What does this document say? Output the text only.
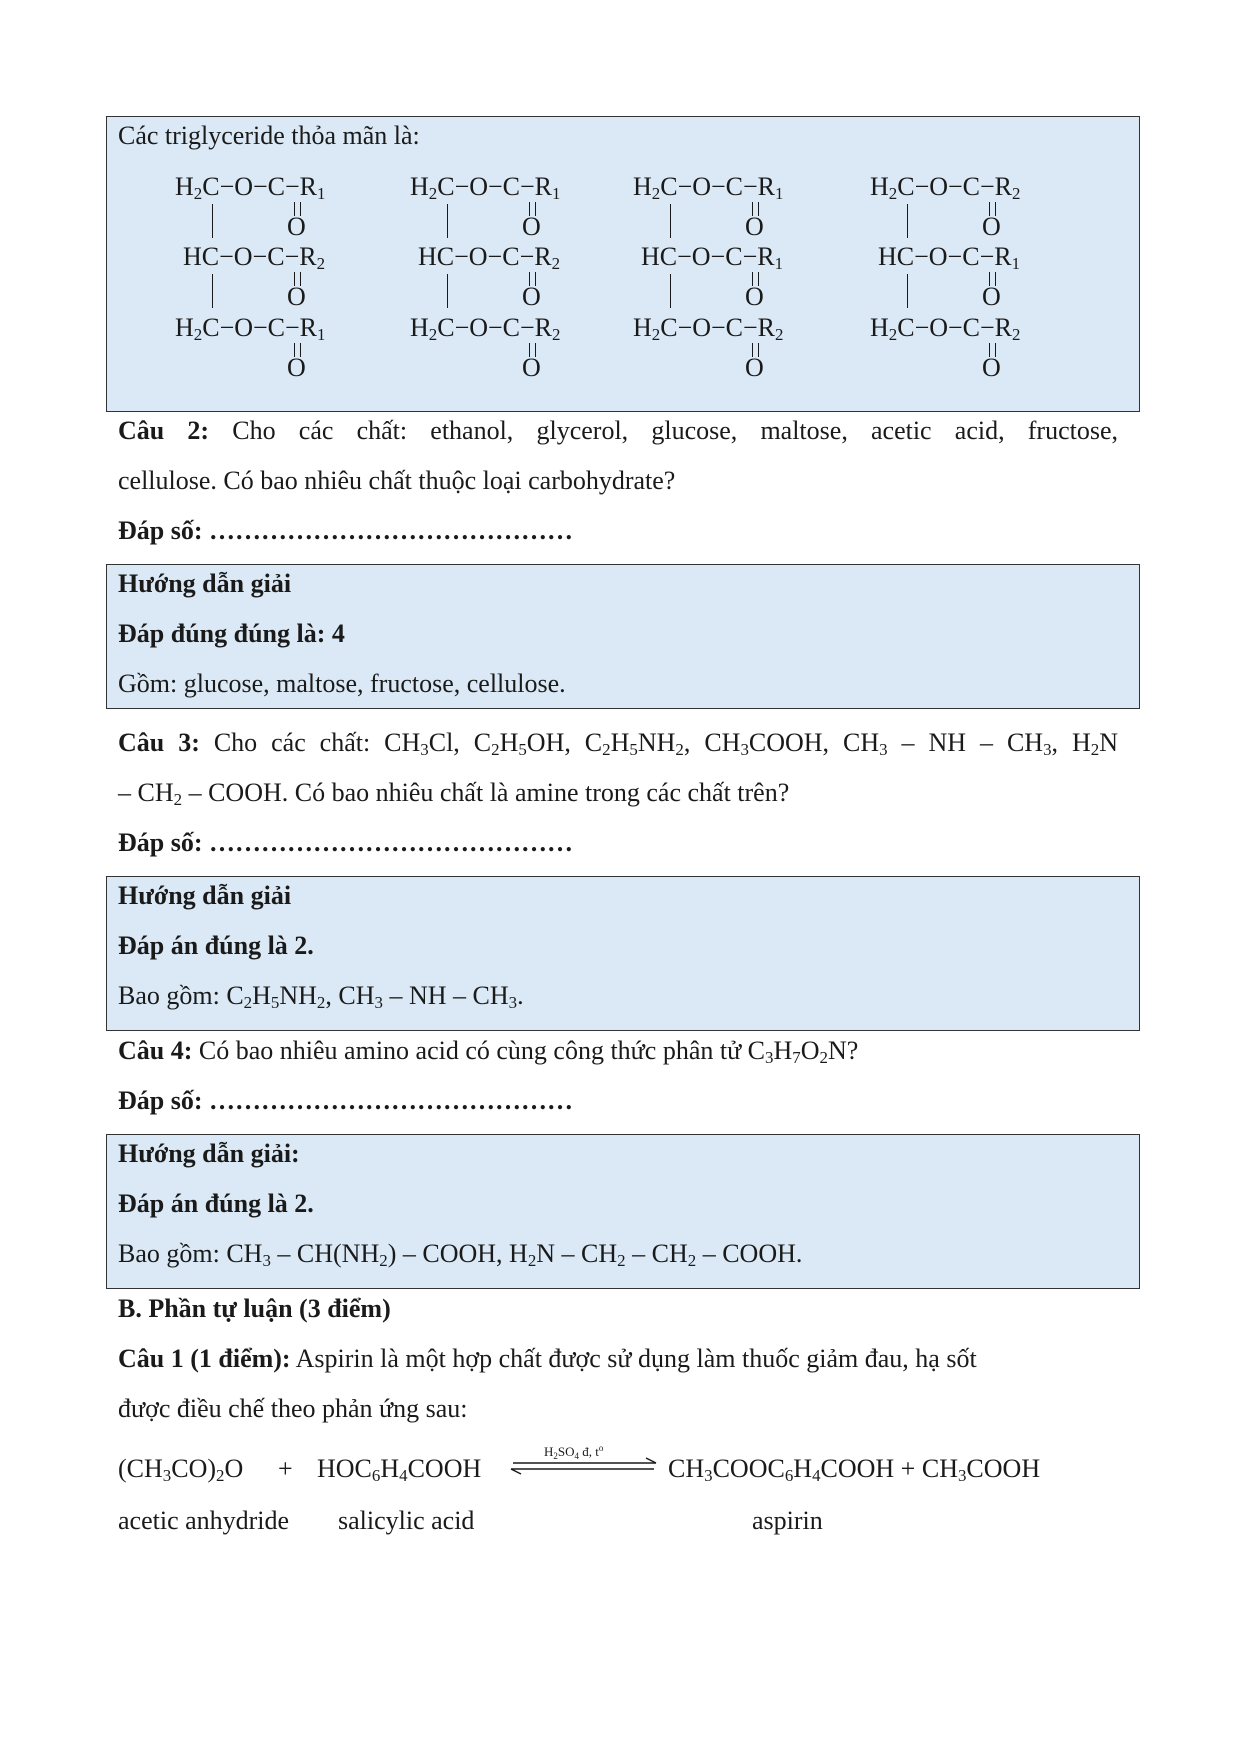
Các triglyceride thỏa mãn là:
$H_2C-O-C-R_1$
O
$HC-O-C-R_2$
O
$H_2C-O-C-R_1$
O
$H_2C-O-C-R_1$
O
$HC-O-C-R_2$
O
$H_2C-O-C-R_2$
O
$H_2C-O-C-R_1$
O
$HC-O-C-R_1$
O
$H_2C-O-C-R_2$
O
$H_2C-O-C-R_2$
O
$HC-O-C-R_1$
O
$H_2C-O-C-R_2$
O
Câu 2: Cho các chất: ethanol, glycerol, glucose, maltose, acetic acid, fructose,
cellulose. Có bao nhiêu chất thuộc loại carbohydrate?
Đáp số: ……………………………………
Hướng dẫn giải
Đáp đúng đúng là: 4
Gồm: glucose, maltose, fructose, cellulose.
Câu 3: Cho các chất: $CH_3Cl$, $C_2H_5OH$, $C_2H_5NH_2$, $CH_3COOH$, $CH_3$ – NH – $CH_3$, $H_2N$
– $CH_2$ – COOH. Có bao nhiêu chất là amine trong các chất trên?
Đáp số: ……………………………………
Hướng dẫn giải
Đáp án đúng là 2.
Bao gồm: $C_2H_5NH_2$, $CH_3$ – NH – $CH_3$.
Câu 4: Có bao nhiêu amino acid có cùng công thức phân tử $C_3H_7O_2N$?
Đáp số: ……………………………………
Hướng dẫn giải:
Đáp án đúng là 2.
Bao gồm: $CH_3 - CH(NH_2)$ – COOH, $H_2N - CH_2 - CH_2$ – COOH.
B. Phần tự luận (3 điểm)
Câu 1 (1 điểm): Aspirin là một hợp chất được sử dụng làm thuốc giảm đau, hạ sốt
được điều chế theo phản ứng sau:
$(CH_3CO)_2O$ + $HOC_6H_4COOH$
$H_2SO_4$ đ, $t^o$
$CH_3COOC_6H_4COOH$ + $CH_3COOH$
acetic anhydride salicylic acid	aspirin
